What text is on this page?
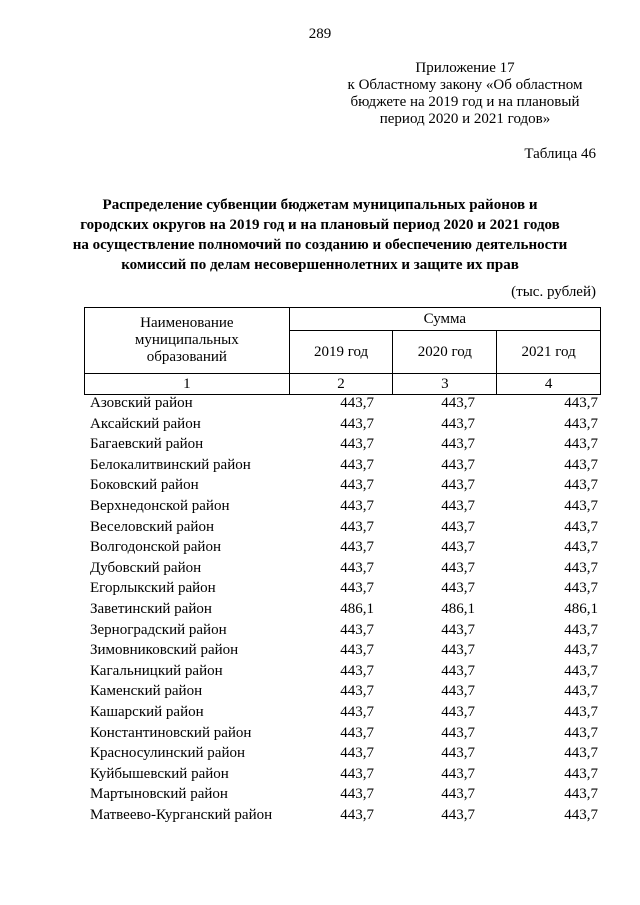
289
Приложение 17
к Областному закону «Об областном
бюджете на 2019 год и на плановый
период 2020 и 2021 годов»
Таблица 46
Распределение субвенции бюджетам муниципальных районов и
городских округов на 2019 год и на плановый период 2020 и 2021 годов
на осуществление полномочий по созданию и обеспечению деятельности
комиссий по делам несовершеннолетних и защите их прав
(тыс. рублей)
Наименование
муниципальных
образований	Сумма		
	2019 год	2020 год	2021 год
1	2	3	4
Азовский район	443,7	443,7	443,7
Аксайский район	443,7	443,7	443,7
Багаевский район	443,7	443,7	443,7
Белокалитвинский район	443,7	443,7	443,7
Боковский район	443,7	443,7	443,7
Верхнедонской район	443,7	443,7	443,7
Веселовский район	443,7	443,7	443,7
Волгодонской район	443,7	443,7	443,7
Дубовский район	443,7	443,7	443,7
Егорлыкский район	443,7	443,7	443,7
Заветинский район	486,1	486,1	486,1
Зерноградский район	443,7	443,7	443,7
Зимовниковский район	443,7	443,7	443,7
Кагальницкий район	443,7	443,7	443,7
Каменский район	443,7	443,7	443,7
Кашарский район	443,7	443,7	443,7
Константиновский район	443,7	443,7	443,7
Красносулинский район	443,7	443,7	443,7
Куйбышевский район	443,7	443,7	443,7
Мартыновский район	443,7	443,7	443,7
Матвеево-Курганский район	443,7	443,7	443,7
